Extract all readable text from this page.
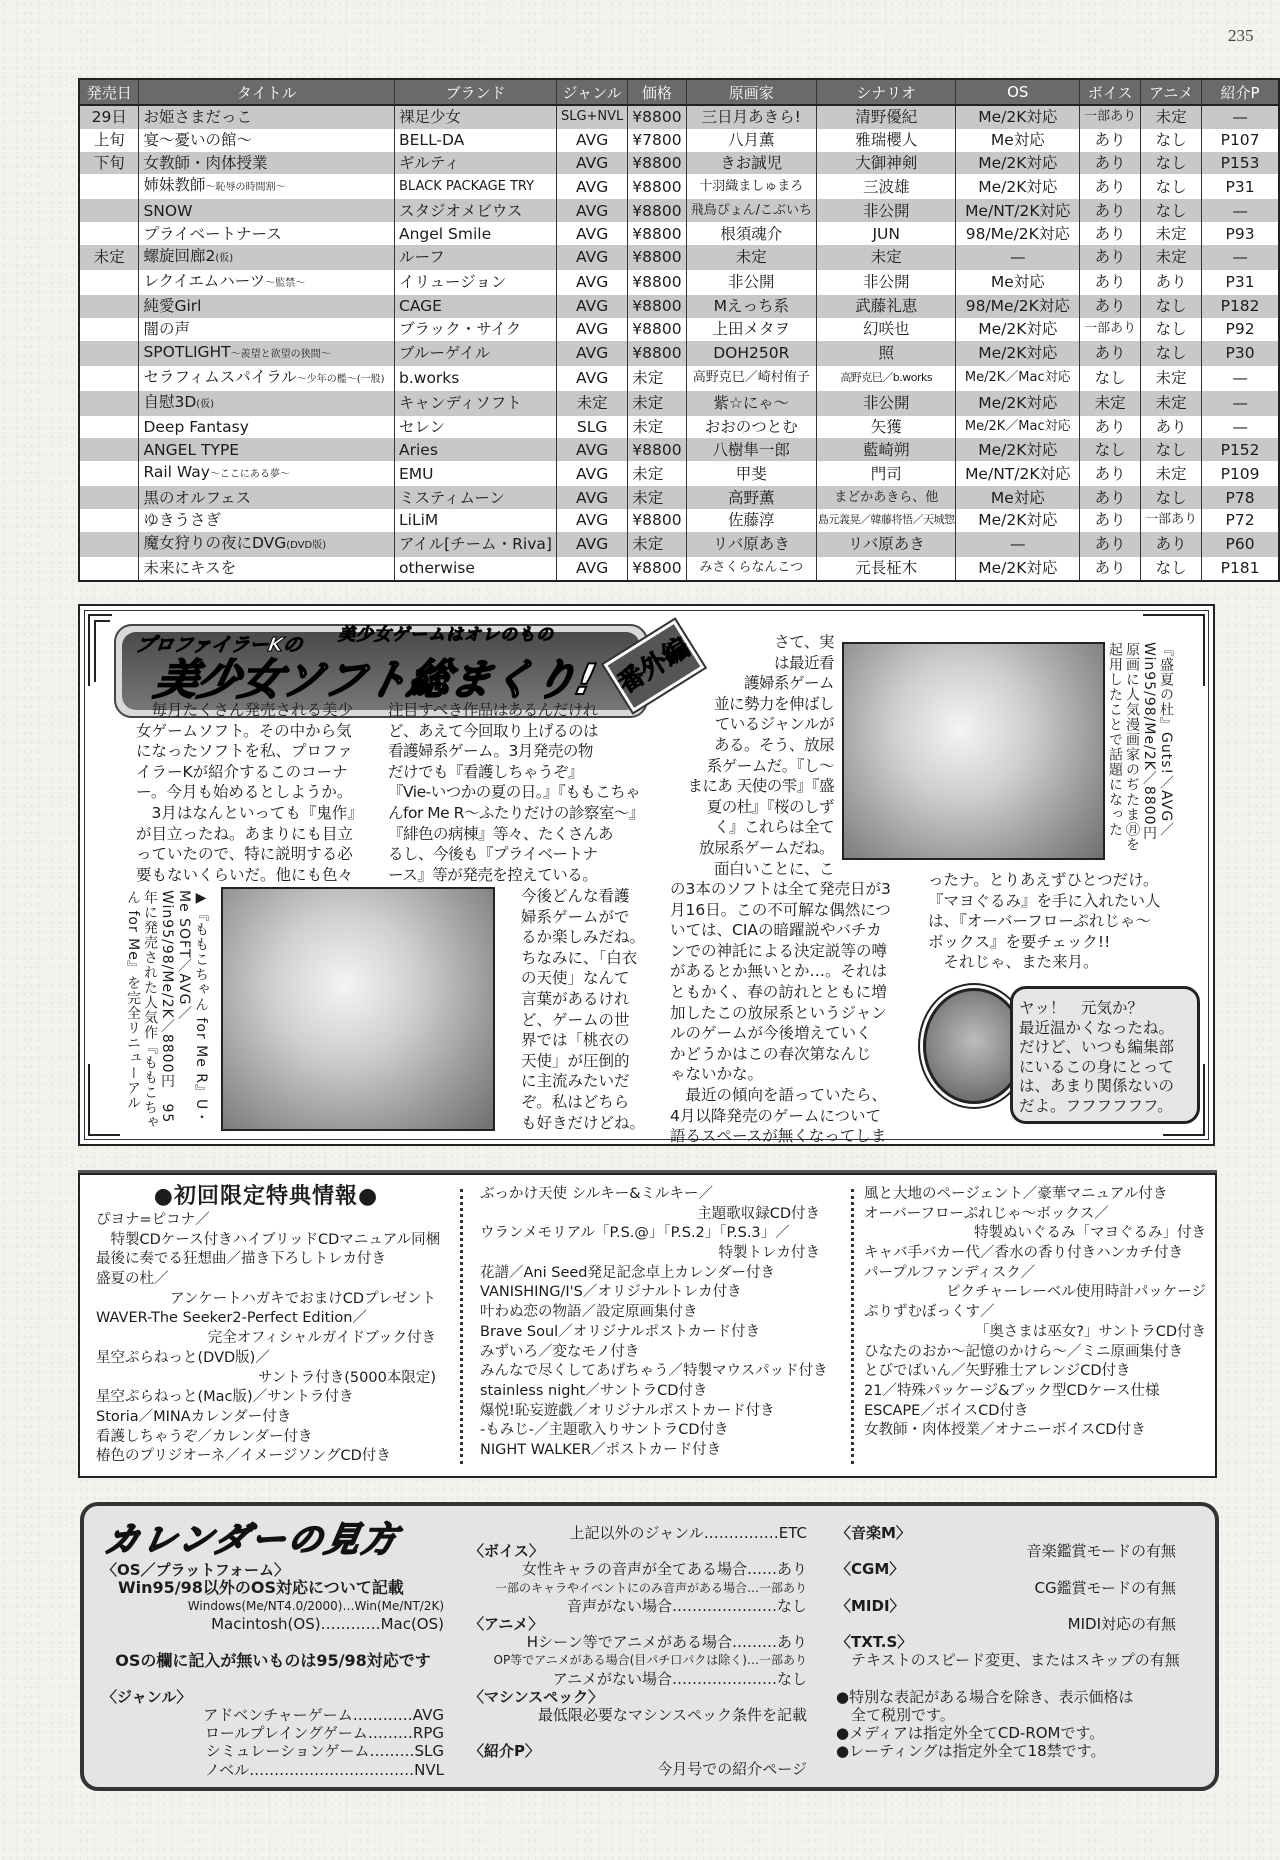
235
発売日	タイトル	ブランド	ジャンル	価格	原画家	シナリオ	OS	ボイス	アニメ	紹介P
29日	お姫さまだっこ	裸足少女	SLG+NVL	¥8800	三日月あきら!	清野優紀	Me/2K対応	一部あり	未定	—
上旬	宴～憂いの館～	BELL-DA	AVG	¥7800	八月薫	雅瑞櫻人	Me対応	あり	なし	P107
下旬	女教師・肉体授業	ギルティ	AVG	¥8800	きお誠児	大御神剣	Me/2K対応	あり	なし	P153
	姉妹教師～恥辱の時間割～	BLACK PACKAGE TRY	AVG	¥8800	十羽織ましゅまろ	三波雄	Me/2K対応	あり	なし	P31
	SNOW	スタジオメビウス	AVG	¥8800	飛鳥ぴょん/こぶいち	非公開	Me/NT/2K対応	あり	なし	—
	プライベートナース	Angel Smile	AVG	¥8800	根須魂介	JUN	98/Me/2K対応	あり	未定	P93
未定	螺旋回廊2(仮)	ルーフ	AVG	¥8800	未定	未定	—	あり	未定	—
	レクイエムハーツ～監禁～	イリュージョン	AVG	¥8800	非公開	非公開	Me対応	あり	あり	P31
	純愛Girl	CAGE	AVG	¥8800	Mえっち系	武藤礼恵	98/Me/2K対応	あり	なし	P182
	闇の声	ブラック・サイク	AVG	¥8800	上田メタヲ	幻咲也	Me/2K対応	一部あり	なし	P92
	SPOTLIGHT～羨望と欲望の狭間～	ブルーゲイル	AVG	¥8800	DOH250R	照	Me/2K対応	あり	なし	P30
	セラフィムスパイラル～少年の檻～(一般)	b.works	AVG	未定	高野克巳／崎村侑子	高野克巳／b.works	Me/2K／Mac対応	なし	未定	—
	自慰3D(仮)	キャンディソフト	未定	未定	紫☆にゃ～	非公開	Me/2K対応	未定	未定	—
	Deep Fantasy	セレン	SLG	未定	おおのつとむ	矢獲	Me/2K／Mac対応	あり	あり	—
	ANGEL TYPE	Aries	AVG	¥8800	八樹隼一郎	藍崎朔	Me/2K対応	なし	なし	P152
	Rail Way～ここにある夢～	EMU	AVG	未定	甲斐	門司	Me/NT/2K対応	あり	未定	P109
	黒のオルフェス	ミスティムーン	AVG	未定	高野薫	まどかあきら、他	Me対応	あり	なし	P78
	ゆきうさぎ	LiLiM	AVG	¥8800	佐藤淳	島元義晃／韓藤将悟／天城惣	Me/2K対応	あり	一部あり	P72
	魔女狩りの夜にDVG(DVD版)	アイル[チーム・Riva]	AVG	未定	リバ原あき	リバ原あき	—	あり	あり	P60
	未来にキスを	otherwise	AVG	¥8800	みさくらなんこつ	元長柾木	Me/2K対応	あり	なし	P181
プロファイラーKの 美少女ゲームはオレのもの
美少女ソフト総まくり! 番外編
　毎月たくさん発売される美少
女ゲームソフト。その中から気
になったソフトを私、プロファ
イラーKが紹介するこのコーナ
ー。今月も始めるとしようか。
　3月はなんといっても『鬼作』
が目立ったね。あまりにも目立
っていたので、特に説明する必
要もないくらいだ。他にも色々
注目すべき作品はあるんだけれ
ど、あえて今回取り上げるのは
看護婦系ゲーム。3月発売の物
だけでも『看護しちゃうぞ』
『Vie-いつかの夏の日。』『ももこちゃ
んfor Me R～ふたりだけの診察室～』
『緋色の病棟』等々、たくさんあ
るし、今後も『プライベートナ
ース』等が発売を控えている。
今後どんな看護
婦系ゲームがで
るか楽しみだね。
ちなみに、「白衣
の天使」なんて
言葉があるけれ
ど、ゲームの世
界では「桃衣の
天使」が圧倒的
に主流みたいだ
ぞ。私はどちら
も好きだけどね。
さて、実
は最近看
護婦系ゲーム
並に勢力を伸ばし
ているジャンルが
ある。そう、放尿
系ゲームだ。『し～
まにあ 天使の雫』『盛
夏の杜』『桜のしず
く』これらは全て
放尿系ゲームだね。
面白いことに、こ
の3本のソフトは全て発売日が3
月16日。この不可解な偶然につ
いては、CIAの暗躍説やバチカ
ンでの神託による決定説等の噂
があるとか無いとか…。それは
ともかく、春の訪れとともに増
加したこの放尿系というジャン
ルのゲームが今後増えていく
かどうかはこの春次第なんじ
ゃないかな。
　最近の傾向を語っていたら、
4月以降発売のゲームについて
語るスペースが無くなってしま
ったナ。とりあえずひとつだけ。
『マヨぐるみ』を手に入れたい人
は、『オーバーフローぷれじゃ～
ボックス』を要チェック!!
　それじゃ、また来月。
『盛夏の杜』Guts!／AVG／Win95/98/Me/2K／8800円　原画に人気漫画家のぢたま㊊を起用したことで話題になった
▶『ももこちゃん for Me R』U・Me SOFT／AVG／Win95/98/Me/2K／8800円　95年に発売された人気作『ももこちゃん for Me』を完全リニューアル	ヤッ！　元気か？
最近温かくなったね。
だけど、いつも編集部
にいるこの身にとって
は、あまり関係ないの
だよ。フフフフフフ。
●初回限定特典情報●
ぴヨナ=ピコナ／
　特製CDケース付きハイブリッドCDマニュアル同梱
最後に奏でる狂想曲／描き下ろしトレカ付き
盛夏の杜／
アンケートハガキでおまけCDプレゼント
WAVER-The Seeker2-Perfect Edition／
完全オフィシャルガイドブック付き
星空ぷらねっと(DVD版)／
サントラ付き(5000本限定)
星空ぷらねっと(Mac版)／サントラ付き
Storia／MINAカレンダー付き
看護しちゃうぞ／カレンダー付き
椿色のプリジオーネ／イメージソングCD付き
ぶっかけ天使 シルキー&ミルキー／
主題歌収録CD付き
ウランメモリアル「P.S.@」「P.S.2」「P.S.3」／
特製トレカ付き
花譜／Ani Seed発足記念卓上カレンダー付き
VANISHING/I'S／オリジナルトレカ付き
叶わぬ恋の物語／設定原画集付き
Brave Soul／オリジナルポストカード付き
みずいろ／変なモノ付き
みんなで尽くしてあげちゃう／特製マウスパッド付き
stainless night／サントラCD付き
爆悦!恥妄遊戯／オリジナルポストカード付き
-もみじ-／主題歌入りサントラCD付き
NIGHT WALKER／ポストカード付き
風と大地のページェント／豪華マニュアル付き
オーバーフローぷれじゃ～ボックス／
特製ぬいぐるみ「マヨぐるみ」付き
キャバ手バカー代／香水の香り付きハンカチ付き
パープルファンディスク／
ピクチャーレーベル使用時計パッケージ
ぷりずむぼっくす／
「奥さまは巫女?」サントラCD付き
ひなたのおか～記憶のかけら～／ミニ原画集付き
とびでばいん／矢野雅士アレンジCD付き
21／特殊パッケージ&ブック型CDケース仕様
ESCAPE／ボイスCD付き
女教師・肉体授業／オナニーボイスCD付き
カレンダーの見方
〈OS／プラットフォーム〉
　Win95/98以外のOS対応について記載
Windows(Me/NT4.0/2000)…Win(Me/NT/2K)
Macintosh(OS)…………Mac(OS)
OSの欄に記入が無いものは95/98対応です
〈ジャンル〉
アドベンチャーゲーム…………AVG
ロールプレイングゲーム………RPG
シミュレーションゲーム………SLG
ノベル……………………………NVL
上記以外のジャンル……………ETC
〈ボイス〉
女性キャラの音声が全てある場合……あり
一部のキャラやイベントにのみ音声がある場合…一部あり
音声がない場合…………………なし
〈アニメ〉
Hシーン等でアニメがある場合………あり
OP等でアニメがある場合(目パチ口パクは除く)…一部あり
アニメがない場合…………………なし
〈マシンスペック〉
最低限必要なマシンスペック条件を記載
〈紹介P〉
今月号での紹介ページ
〈音楽M〉
音楽鑑賞モードの有無
〈CGM〉
CG鑑賞モードの有無
〈MIDI〉
MIDI対応の有無
〈TXT.S〉
　テキストのスピード変更、またはスキップの有無
●特別な表記がある場合を除き、表示価格は
　全て税別です。
●メディアは指定外全てCD-ROMです。
●レーティングは指定外全て18禁です。
